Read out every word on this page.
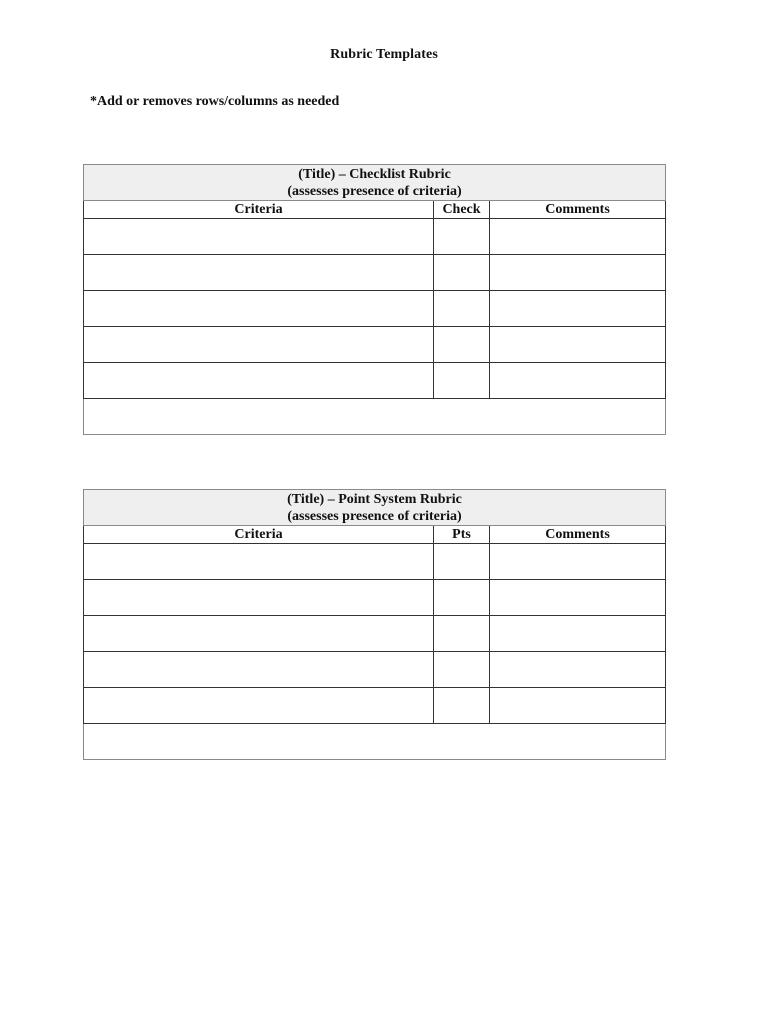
Rubric Templates
*Add or removes rows/columns as needed
(Title) – Checklist Rubric
(assesses presence of criteria)		

Criteria	Check	Comments

(Title) – Point System Rubric
(assesses presence of criteria)		

Criteria	Pts	Comments
